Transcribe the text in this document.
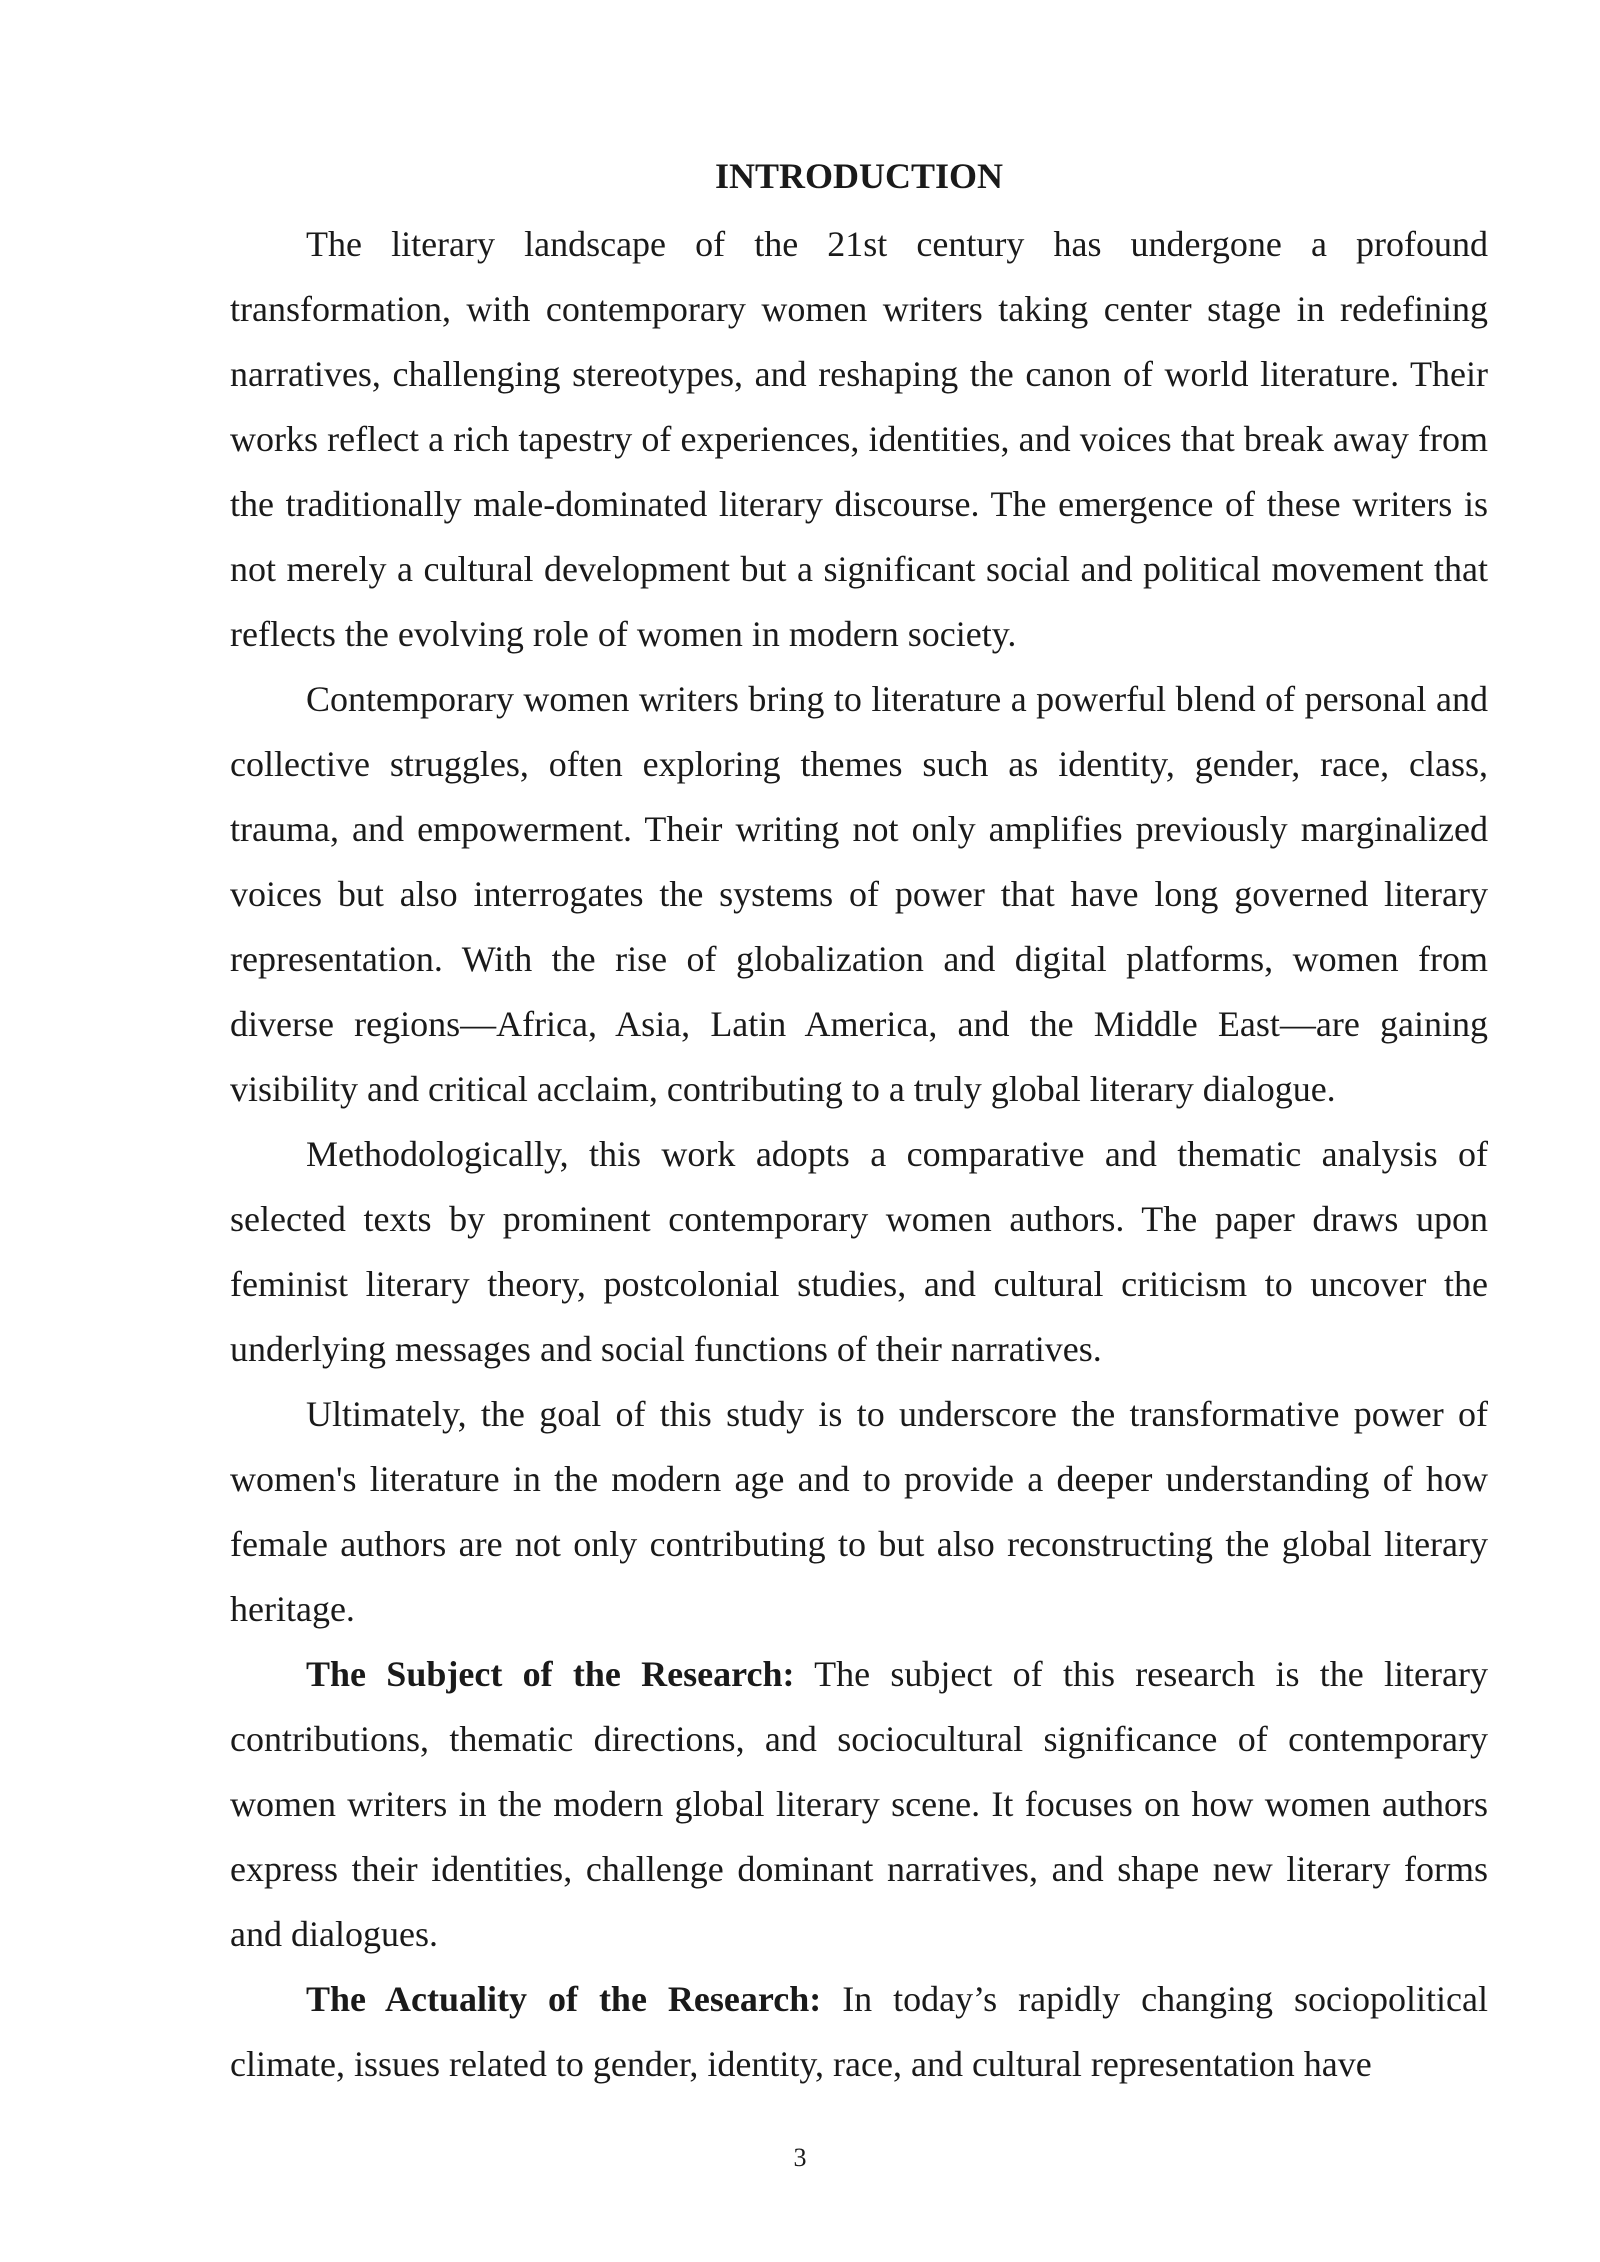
INTRODUCTION

The literary landscape of the 21st century has undergone a profound transformation, with contemporary women writers taking center stage in redefining narratives, challenging stereotypes, and reshaping the canon of world literature. Their works reflect a rich tapestry of experiences, identities, and voices that break away from the traditionally male-dominated literary discourse. The emergence of these writers is not merely a cultural development but a significant social and political movement that reflects the evolving role of women in modern society.

Contemporary women writers bring to literature a powerful blend of personal and collective struggles, often exploring themes such as identity, gender, race, class, trauma, and empowerment. Their writing not only amplifies previously marginalized voices but also interrogates the systems of power that have long governed literary representation. With the rise of globalization and digital platforms, women from diverse regions—Africa, Asia, Latin America, and the Middle East—are gaining visibility and critical acclaim, contributing to a truly global literary dialogue.

Methodologically, this work adopts a comparative and thematic analysis of selected texts by prominent contemporary women authors. The paper draws upon feminist literary theory, postcolonial studies, and cultural criticism to uncover the underlying messages and social functions of their narratives.

Ultimately, the goal of this study is to underscore the transformative power of women's literature in the modern age and to provide a deeper understanding of how female authors are not only contributing to but also reconstructing the global literary heritage.

The Subject of the Research: The subject of this research is the literary contributions, thematic directions, and sociocultural significance of contemporary women writers in the modern global literary scene. It focuses on how women authors express their identities, challenge dominant narratives, and shape new literary forms and dialogues.

The Actuality of the Research: In today’s rapidly changing sociopolitical climate, issues related to gender, identity, race, and cultural representation have

3
